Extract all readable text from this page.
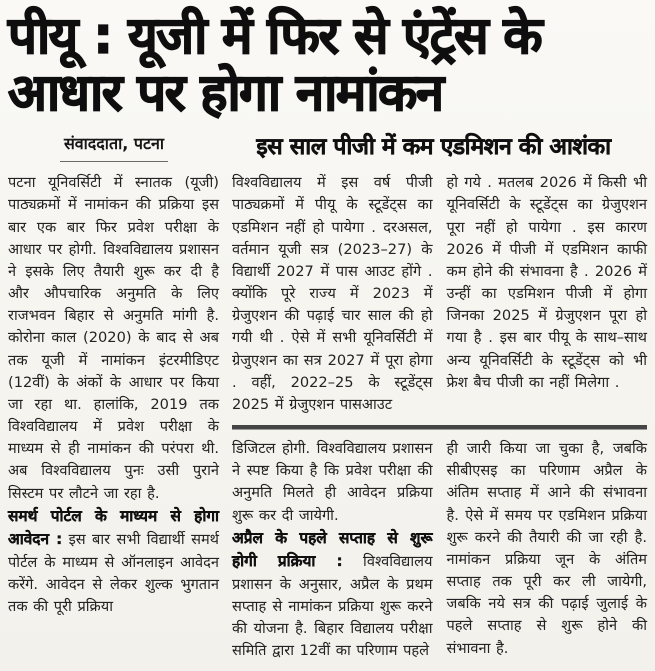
पीयू : यूजी में फिर से एंट्रेंस के
आधार पर होगा नामांकन
संवाददाता, पटना	इस साल पीजी में कम एडमिशन की आशंका

पटना यूनिवर्सिटी में स्नातक (यूजी) पाठ्यक्रमों में नामांकन की प्रक्रिया इस बार एक बार फिर प्रवेश परीक्षा के आधार पर होगी. विश्वविद्यालय प्रशासन ने इसके लिए तैयारी शुरू कर दी है और औपचारिक अनुमति के लिए राजभवन बिहार से अनुमति मांगी है. कोरोना काल (2020) के बाद से अब तक यूजी में नामांकन इंटरमीडिएट (12वीं) के अंकों के आधार पर किया जा रहा था. हालांकि, 2019 तक विश्वविद्यालय में प्रवेश परीक्षा के माध्यम से ही नामांकन की परंपरा थी. अब विश्वविद्यालय पुनः उसी पुराने सिस्टम पर लौटने जा रहा है.

समर्थ पोर्टल के माध्यम से होगा आवेदन : इस बार सभी विद्यार्थी समर्थ पोर्टल के माध्यम से ऑनलाइन आवेदन करेंगे. आवेदन से लेकर शुल्क भुगतान तक की पूरी प्रक्रिया

विश्वविद्यालय में इस वर्ष पीजी पाठ्यक्रमों में पीयू के स्टूडेंट्स का एडमिशन नहीं हो पायेगा . दरअसल, वर्तमान यूजी सत्र (2023–27) के विद्यार्थी 2027 में पास आउट होंगे . क्योंकि पूरे राज्य में 2023 में ग्रेजुएशन की पढ़ाई चार साल की हो गयी थी . ऐसे में सभी यूनिवर्सिटी में ग्रेजुएशन का सत्र 2027 में पूरा होगा . वहीं, 2022–25 के स्टूडेंट्स 2025 में ग्रेजुएशन पासआउट

हो गये . मतलब 2026 में किसी भी यूनिवर्सिटी के स्टूडेंट्स का ग्रेजुएशन पूरा नहीं हो पायेगा . इस कारण 2026 में पीजी में एडमिशन काफी कम होने की संभावना है . 2026 में उन्हीं का एडमिशन पीजी में होगा जिनका 2025 में ग्रेजुएशन पूरा हो गया है . इस बार पीयू के साथ–साथ अन्य यूनिवर्सिटी के स्टूडेंट्स को भी फ्रेश बैच पीजी का नहीं मिलेगा .

डिजिटल होगी. विश्वविद्यालय प्रशासन ने स्पष्ट किया है कि प्रवेश परीक्षा की अनुमति मिलते ही आवेदन प्रक्रिया शुरू कर दी जायेगी.

अप्रैल के पहले सप्ताह से शुरू होगी प्रक्रिया : विश्वविद्यालय प्रशासन के अनुसार, अप्रैल के प्रथम सप्ताह से नामांकन प्रक्रिया शुरू करने की योजना है. बिहार विद्यालय परीक्षा समिति द्वारा 12वीं का परिणाम पहले

ही जारी किया जा चुका है, जबकि सीबीएसइ का परिणाम अप्रैल के अंतिम सप्ताह में आने की संभावना है. ऐसे में समय पर एडमिशन प्रक्रिया शुरू करने की तैयारी की जा रही है. नामांकन प्रक्रिया जून के अंतिम सप्ताह तक पूरी कर ली जायेगी, जबकि नये सत्र की पढ़ाई जुलाई के पहले सप्ताह से शुरू होने की संभावना है.
